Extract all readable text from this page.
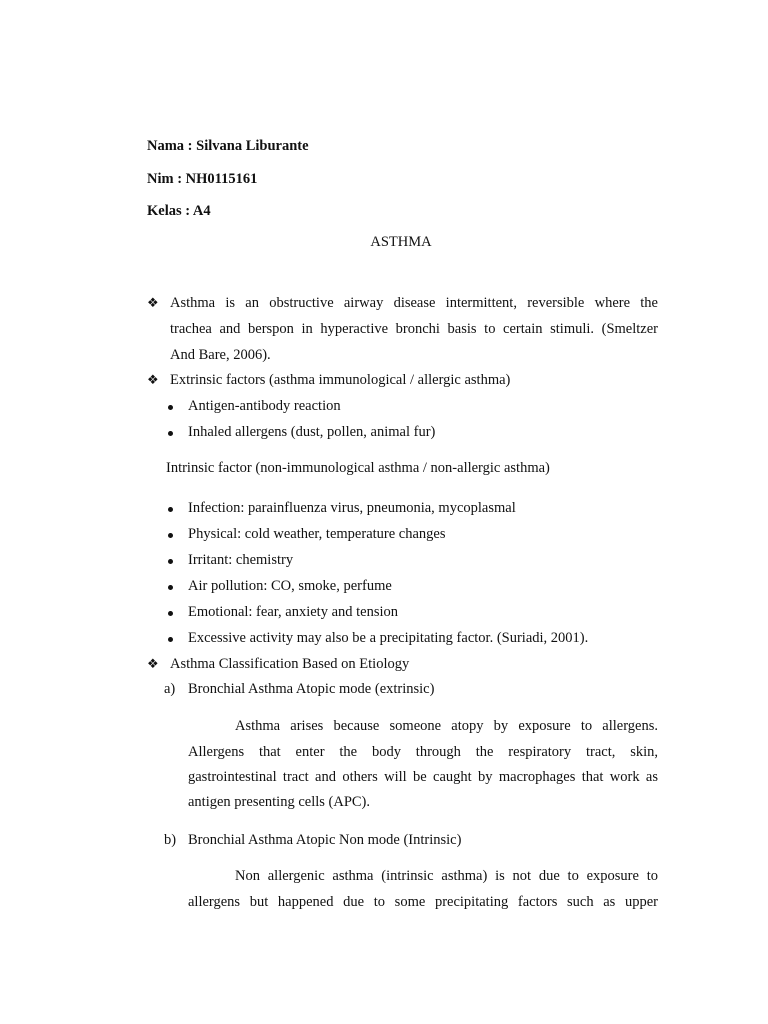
Nama : Silvana Liburante
Nim : NH0115161
Kelas : A4
ASTHMA
❖ Asthma is an obstructive airway disease intermittent, reversible where the
trachea and berspon in hyperactive bronchi basis to certain stimuli. (Smeltzer
And Bare, 2006).
❖ Extrinsic factors (asthma immunological / allergic asthma)
Antigen-antibody reaction
Inhaled allergens (dust, pollen, animal fur)
Intrinsic factor (non-immunological asthma / non-allergic asthma)
Infection: parainfluenza virus, pneumonia, mycoplasmal
Physical: cold weather, temperature changes
Irritant: chemistry
Air pollution: CO, smoke, perfume
Emotional: fear, anxiety and tension
Excessive activity may also be a precipitating factor. (Suriadi, 2001).
❖ Asthma Classification Based on Etiology
a) Bronchial Asthma Atopic mode (extrinsic)
Asthma arises because someone atopy by exposure to allergens.
Allergens that enter the body through the respiratory tract, skin,
gastrointestinal tract and others will be caught by macrophages that work as
antigen presenting cells (APC).
b) Bronchial Asthma Atopic Non mode (Intrinsic)
Non allergenic asthma (intrinsic asthma) is not due to exposure to
allergens but happened due to some precipitating factors such as upper
